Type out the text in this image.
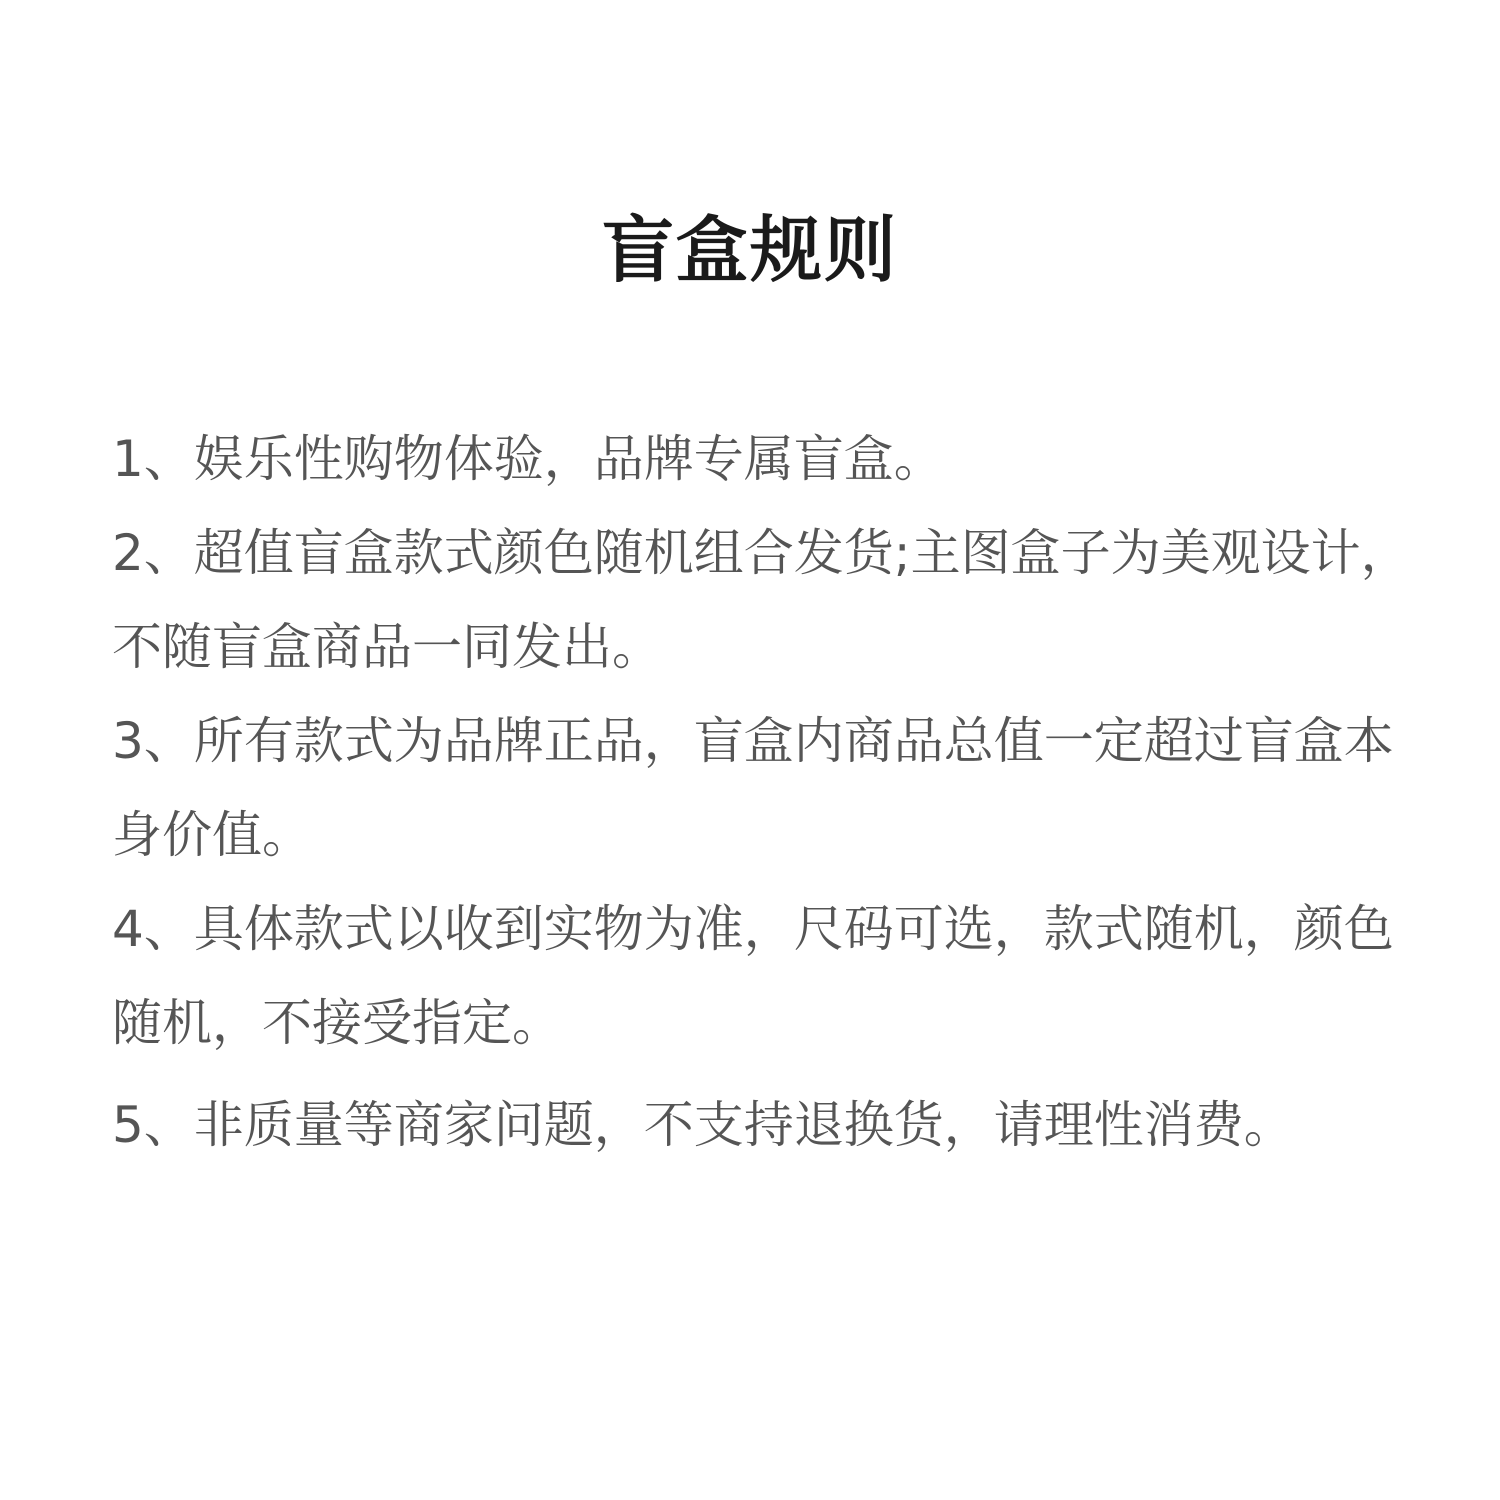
盲盒规则
1、娱乐性购物体验，品牌专属盲盒。
2、超值盲盒款式颜色随机组合发货;主图盒子为美观设计，不随盲盒商品一同发出。
3、所有款式为品牌正品，盲盒内商品总值一定超过盲盒本身价值。
4、具体款式以收到实物为准，尺码可选，款式随机，颜色随机，不接受指定。
5、非质量等商家问题，不支持退换货，请理性消费。
